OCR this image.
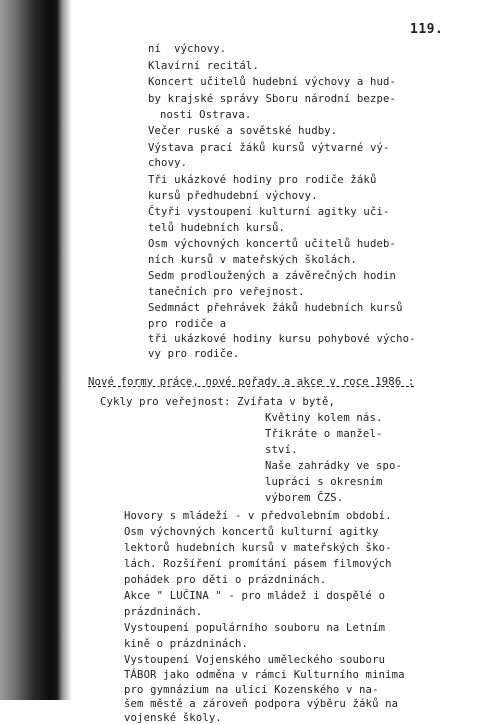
119.
ní  výchovy.
Klavírní recitál.
Koncert učitelů hudební výchovy a hud-
by krajské správy Sboru národní bezpe-
nosti Ostrava.
Večer ruské a sovětské hudby.
Výstava prací žáků kursů výtvarné vý-
chovy.
Tři ukázkové hodiny pro rodiče žáků
kursů předhudební výchovy.
Čtyři vystoupení kulturní agitky uči-
telů hudebních kursů.
Osm výchovných koncertů učitelů hudeb-
ních kursů v mateřských školách.
Sedm prodloužených a závěrečných hodin
tanečních pro veřejnost.
Sedmnáct přehrávek žáků hudebních kursů
pro rodiče a
tři ukázkové hodiny kursu pohybové výcho-
vy pro rodiče.
Nové formy práce, nové pořady a akce v roce 1986 :
Cykly pro veřejnost: Zvířata v bytě,
Květiny kolem nás.
Třikráte o manžel-
ství.
Naše zahrádky ve spo-
lupráci s okresním
výborem ČZS.
Hovory s mládeží - v předvolebním období.
Osm výchovných koncertů kulturní agitky
lektorů hudebních kursů v mateřských ško-
lách. Rozšíření promítání pásem filmových
pohádek pro děti o prázdninách.
Akce " LUČINA " - pro mládež i dospělé o
prázdninách.
Vystoupení populárního souboru na Letním
kině o prázdninách.
Vystoupení Vojenského uměleckého souboru
TÁBOR jako odměna v rámci Kulturního minima
pro gymnázium na ulici Kozenského v na-
šem městě a zároveň podpora výběru žáků na
vojenské školy.
